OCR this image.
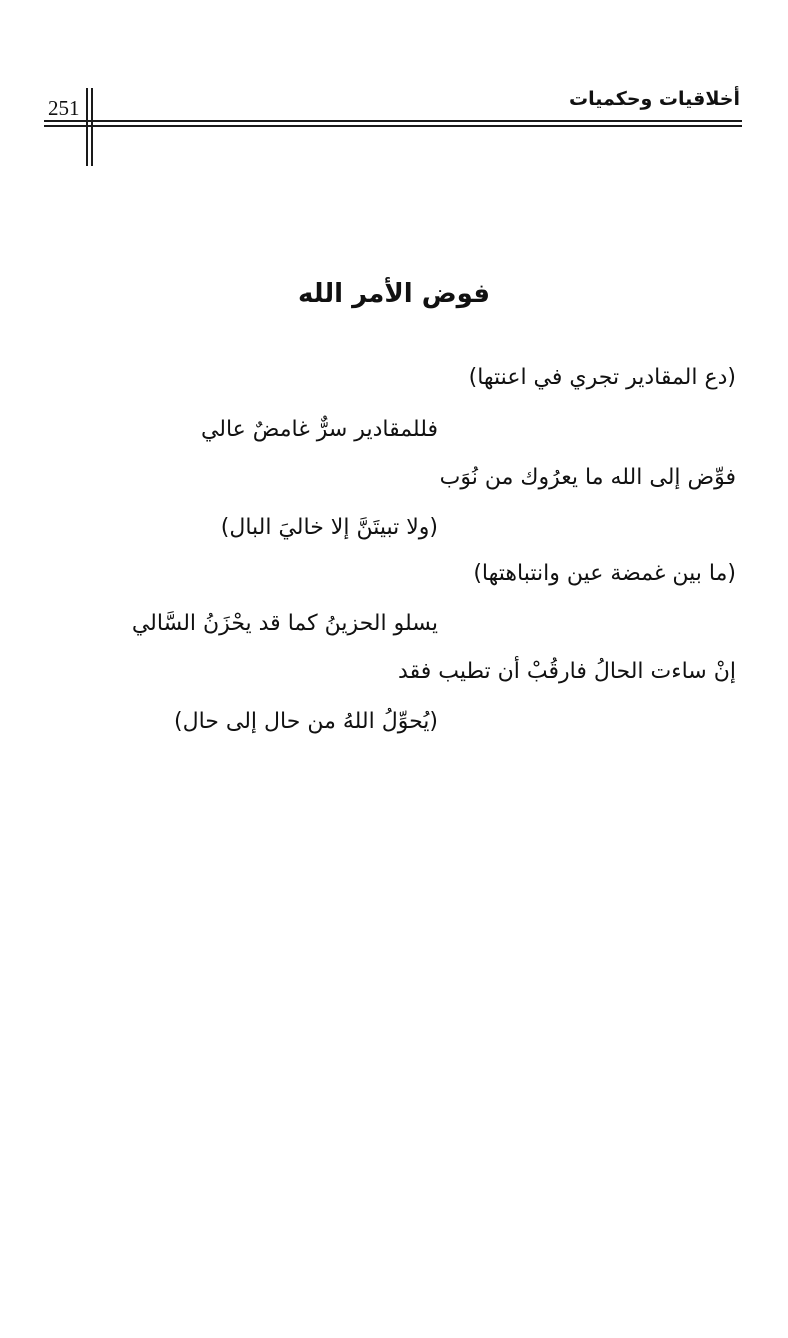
أخلاقيات وحكميات
251
فوض الأمر الله
(دع المقادير تجري في اعنتها)
فللمقادير سرٌّ غامضٌ عالي
فوِّض إلى الله ما يعرُوك من نُوَب
(ولا تبيتَنَّ إلا خاليَ البال)
(ما بين غمضة عين وانتباهتها)
يسلو الحزينُ كما قد يحْزَنُ السَّالي
إنْ ساءت الحالُ فارقُبْ أن تطيب فقد
(يُحوِّلُ اللهُ من حال إلى حال)
